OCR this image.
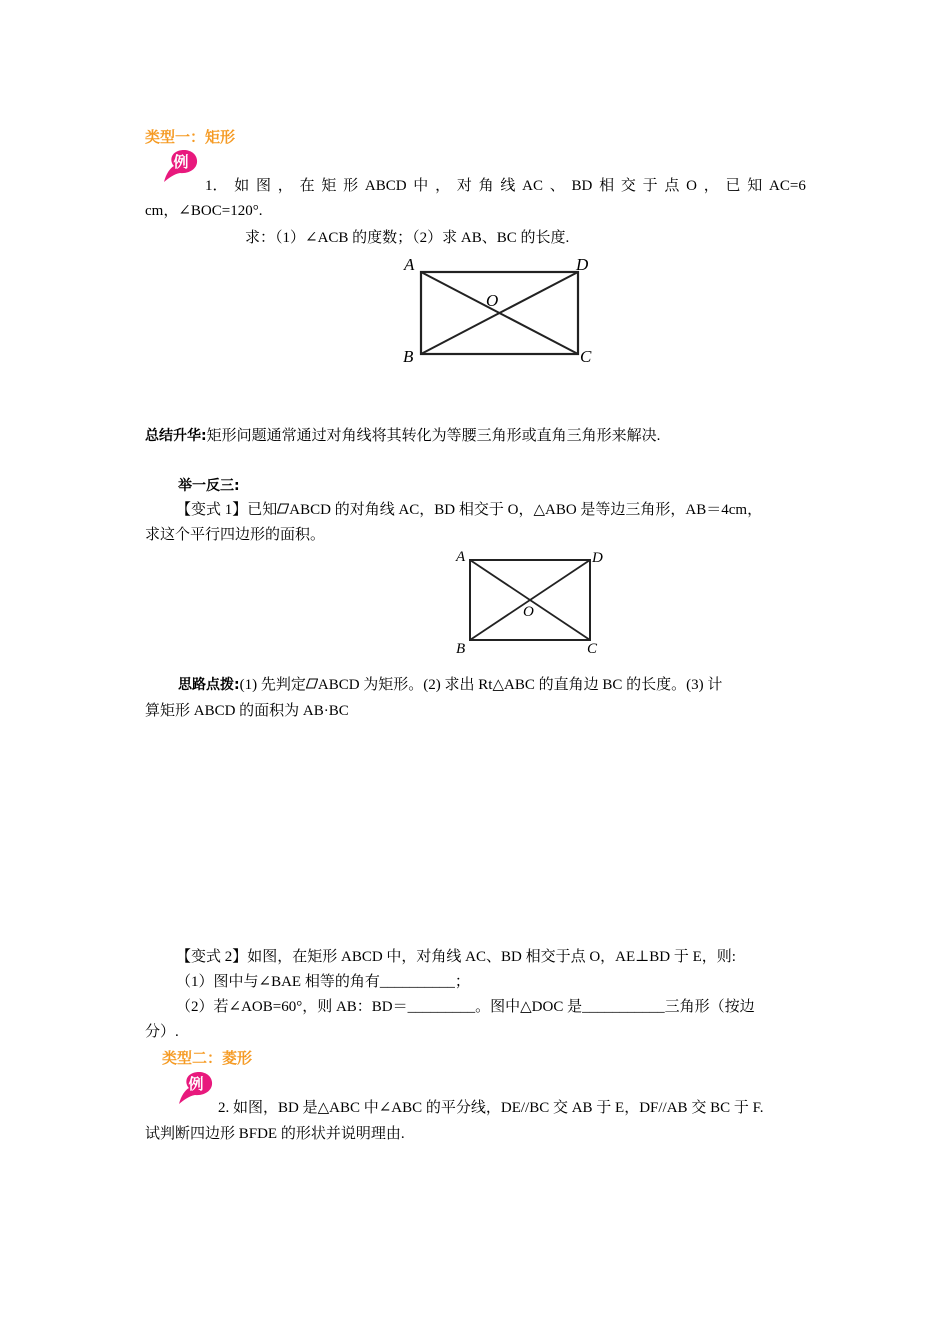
类型一：矩形
例
1． 如 图 ， 在 矩 形 ABCD 中 ， 对 角 线 AC 、 BD 相 交 于 点 O ， 已 知 AC=6
cm，∠BOC=120°.
求：（1）∠ACB 的度数；（2）求 AB、BC 的长度.
A
B	C
D
O
总结升华:矩形问题通常通过对角线将其转化为等腰三角形或直角三角形来解决.
举一反三:
【变式 1】已知 ABCD 的对角线 AC，BD 相交于 O，△ABO 是等边三角形，AB＝4cm，
求这个平行四边形的面积。
A
B	C
D
O
思路点拨:(1) 先判定 ABCD 为矩形。(2) 求出 Rt△ABC 的直角边 BC 的长度。(3) 计
算矩形 ABCD 的面积为 AB·BC
【变式 2】如图，在矩形 ABCD 中，对角线 AC、BD 相交于点 O，AE⊥BD 于 E，则:
（1）图中与∠BAE 相等的角有__________；
（2）若∠AOB=60°，则 AB：BD＝_________。图中△DOC 是___________三角形（按边
分）.
类型二：菱形
例
2. 如图，BD 是△ABC 中∠ABC 的平分线，DE//BC 交 AB 于 E，DF//AB 交 BC 于 F.
试判断四边形 BFDE 的形状并说明理由.
